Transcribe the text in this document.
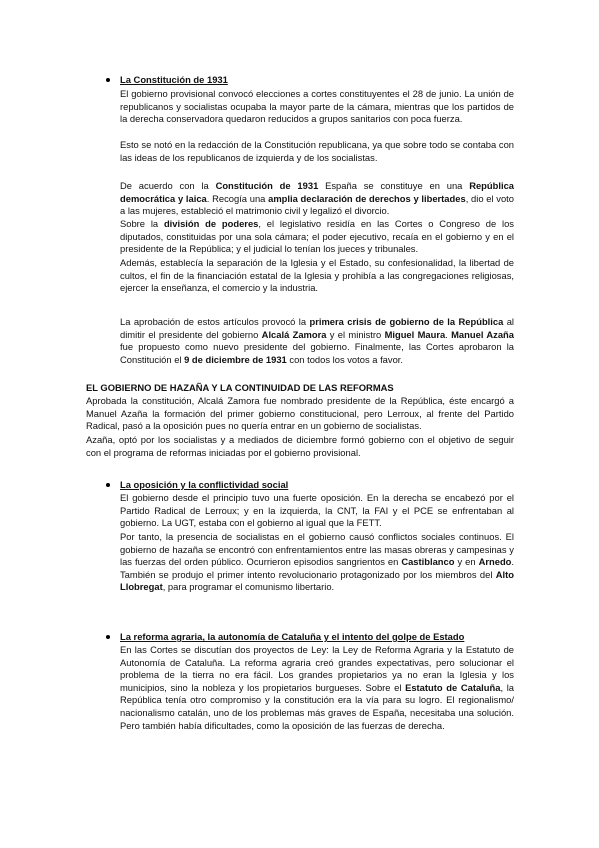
La Constitución de 1931

El gobierno provisional convocó elecciones a cortes constituyentes el 28 de junio. La unión de republicanos y socialistas ocupaba la mayor parte de la cámara, mientras que los partidos de la derecha conservadora quedaron reducidos a grupos sanitarios con poca fuerza.

Esto se notó en la redacción de la Constitución republicana, ya que sobre todo se contaba con las ideas de los republicanos de izquierda y de los socialistas.

De acuerdo con la Constitución de 1931 España se constituye en una República democrática y laica. Recogía una amplia declaración de derechos y libertades, dio el voto a las mujeres, estableció el matrimonio civil y legalizó el divorcio.

Sobre la división de poderes, el legislativo residía en las Cortes o Congreso de los diputados, constituidas por una sola cámara; el poder ejecutivo, recaía en el gobierno y en el presidente de la República; y el judicial lo tenían los jueces y tribunales.

Además, establecía la separación de la Iglesia y el Estado, su confesionalidad, la libertad de cultos, el fin de la financiación estatal de la Iglesia y prohibía a las congregaciones religiosas, ejercer la enseñanza, el comercio y la industria.

La aprobación de estos artículos provocó la primera crisis de gobierno de la República al dimitir el presidente del gobierno Alcalá Zamora y el ministro Miguel Maura. Manuel Azaña fue propuesto como nuevo presidente del gobierno. Finalmente, las Cortes aprobaron la Constitución el 9 de diciembre de 1931 con todos los votos a favor.

EL GOBIERNO DE HAZAÑA Y LA CONTINUIDAD DE LAS REFORMAS

Aprobada la constitución, Alcalá Zamora fue nombrado presidente de la República, éste encargó a Manuel Azaña la formación del primer gobierno constitucional, pero Lerroux, al frente del Partido Radical, pasó a la oposición pues no quería entrar en un gobierno de socialistas.

Azaña, optó por los socialistas y a mediados de diciembre formó gobierno con el objetivo de seguir con el programa de reformas iniciadas por el gobierno provisional.

La oposición y la conflictividad social

El gobierno desde el principio tuvo una fuerte oposición. En la derecha se encabezó por el Partido Radical de Lerroux; y en la izquierda, la CNT, la FAI y el PCE se enfrentaban al gobierno. La UGT, estaba con el gobierno al igual que la FETT.

Por tanto, la presencia de socialistas en el gobierno causó conflictos sociales continuos. El gobierno de hazaña se encontró con enfrentamientos entre las masas obreras y campesinas y las fuerzas del orden público. Ocurrieron episodios sangrientos en Castiblanco y en Arnedo. También se produjo el primer intento revolucionario protagonizado por los miembros del Alto Llobregat, para programar el comunismo libertario.

La reforma agraria, la autonomía de Cataluña y el intento del golpe de Estado

En las Cortes se discutían dos proyectos de Ley: la Ley de Reforma Agraria y la Estatuto de Autonomía de Cataluña. La reforma agraria creó grandes expectativas, pero solucionar el problema de la tierra no era fácil. Los grandes propietarios ya no eran la Iglesia y los municipios, sino la nobleza y los propietarios burgueses. Sobre el Estatuto de Cataluña, la República tenía otro compromiso y la constitución era la vía para su logro. El regionalismo/ nacionalismo catalán, uno de los problemas más graves de España, necesitaba una solución. Pero también había dificultades, como la oposición de las fuerzas de derecha.
